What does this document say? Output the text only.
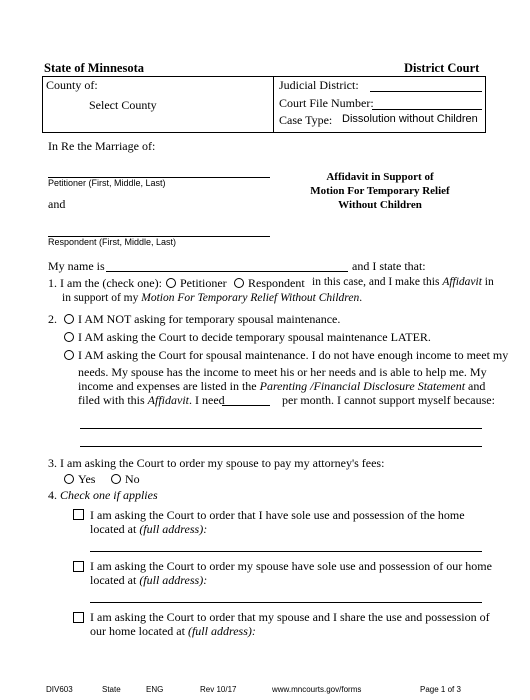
State of Minnesota	District Court
County of:
Select County
Judicial District:
Court File Number:
Case Type: Dissolution without Children
In Re the Marriage of:
Petitioner (First, Middle, Last)
and
Respondent (First, Middle, Last)
Affidavit in Support of
Motion For Temporary Relief
Without Children
My name is	and I state that:
1. I am the (check one):	Petitioner	Respondent in this case, and I make this Affidavit in
in support of my Motion For Temporary Relief Without Children.
2.	I AM NOT asking for temporary spousal maintenance.
I AM asking the Court to decide temporary spousal maintenance LATER.
I AM asking the Court for spousal maintenance. I do not have enough income to meet my
needs. My spouse has the income to meet his or her needs and is able to help me. My
income and expenses are listed in the Parenting /Financial Disclosure Statement and
filed with this Affidavit. I need	per month. I cannot support myself because:
3. I am asking the Court to order my spouse to pay my attorney's fees:
Yes	No
4. Check one if applies
I am asking the Court to order that I have sole use and possession of the home
located at (full address):
I am asking the Court to order my spouse have sole use and possession of our home
located at (full address):
I am asking the Court to order that my spouse and I share the use and possession of
our home located at (full address):
DIV603	State	ENG	Rev 10/17	www.mncourts.gov/forms	Page 1 of 3
